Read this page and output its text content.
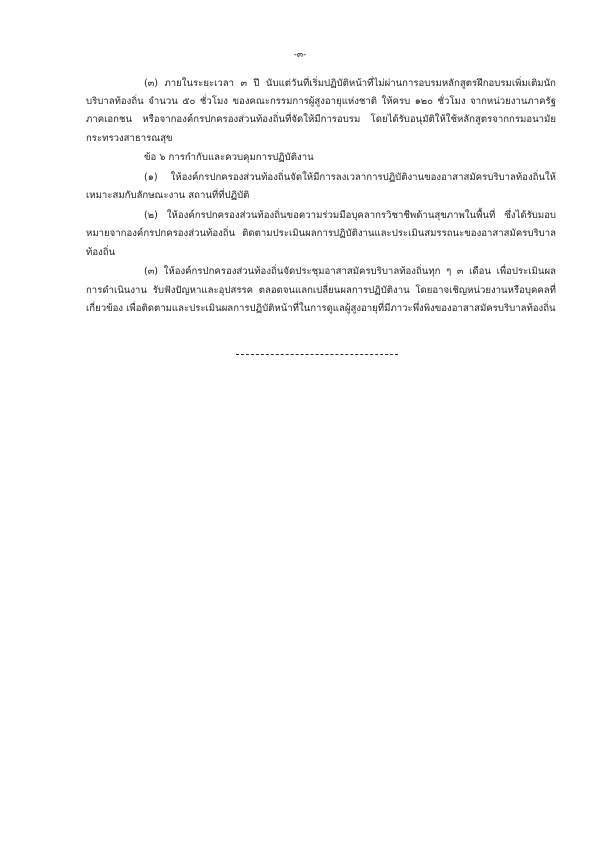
-๓-

(๓) ภายในระยะเวลา ๓ ปี นับแต่วันที่เริ่มปฏิบัติหน้าที่ไม่ผ่านการอบรมหลักสูตรฝึกอบรมเพิ่มเติมนักบริบาลท้องถิ่น จำนวน ๕๐ ชั่วโมง ของคณะกรรมการผู้สูงอายุแห่งชาติ ให้ครบ ๑๒๐ ชั่วโมง จากหน่วยงานภาครัฐ ภาคเอกชน หรือจากองค์กรปกครองส่วนท้องถิ่นที่จัดให้มีการอบรม โดยได้รับอนุมัติให้ใช้หลักสูตรจากกรมอนามัย กระทรวงสาธารณสุข

ข้อ ๖ การกำกับและควบคุมการปฏิบัติงาน

(๑) ให้องค์กรปกครองส่วนท้องถิ่นจัดให้มีการลงเวลาการปฏิบัติงานของอาสาสมัครบริบาลท้องถิ่นให้เหมาะสมกับลักษณะงาน สถานที่ที่ปฏิบัติ

(๒) ให้องค์กรปกครองส่วนท้องถิ่นขอความร่วมมือบุคลากรวิชาชีพด้านสุขภาพในพื้นที่ ซึ่งได้รับมอบหมายจากองค์กรปกครองส่วนท้องถิ่น ติดตามประเมินผลการปฏิบัติงานและประเมินสมรรถนะของอาสาสมัครบริบาลท้องถิ่น

(๓) ให้องค์กรปกครองส่วนท้องถิ่นจัดประชุมอาสาสมัครบริบาลท้องถิ่นทุก ๆ ๓ เดือน เพื่อประเมินผลการดำเนินงาน รับฟังปัญหาและอุปสรรค ตลอดจนแลกเปลี่ยนผลการปฏิบัติงาน โดยอาจเชิญหน่วยงานหรือบุคคลที่เกี่ยวข้อง เพื่อติดตามและประเมินผลการปฏิบัติหน้าที่ในการดูแลผู้สูงอายุที่มีภาวะพึ่งพิงของอาสาสมัครบริบาลท้องถิ่น
